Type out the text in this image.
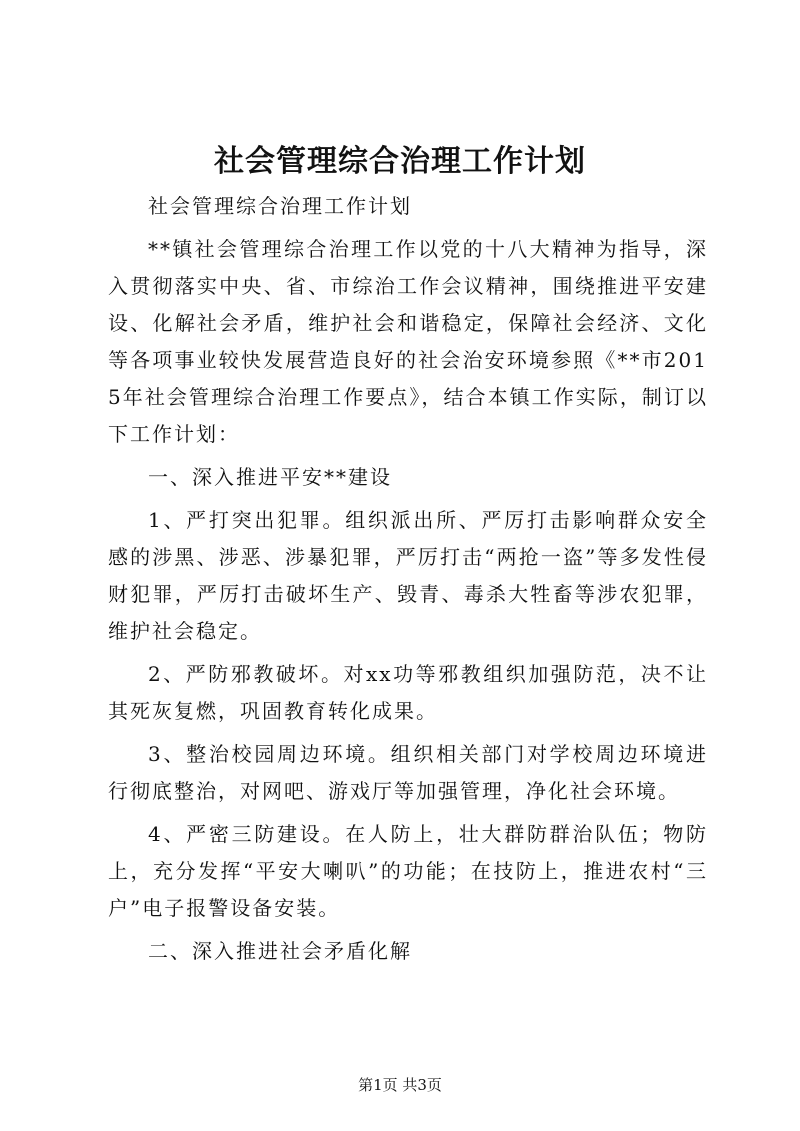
社会管理综合治理工作计划

社会管理综合治理工作计划

**镇社会管理综合治理工作以党的十八大精神为指导，深入贯彻落实中央、省、市综治工作会议精神，围绕推进平安建设、化解社会矛盾，维护社会和谐稳定，保障社会经济、文化等各项事业较快发展营造良好的社会治安环境参照《**市2015年社会管理综合治理工作要点》，结合本镇工作实际，制订以下工作计划：

一、深入推进平安**建设

1、严打突出犯罪。组织派出所、严厉打击影响群众安全感的涉黑、涉恶、涉暴犯罪，严厉打击“两抢一盗”等多发性侵财犯罪，严厉打击破坏生产、毁青、毒杀大牲畜等涉农犯罪，维护社会稳定。

2、严防邪教破坏。对xx功等邪教组织加强防范，决不让其死灰复燃，巩固教育转化成果。

3、整治校园周边环境。组织相关部门对学校周边环境进行彻底整治，对网吧、游戏厅等加强管理，净化社会环境。

4、严密三防建设。在人防上，壮大群防群治队伍；物防上，充分发挥“平安大喇叭”的功能；在技防上，推进农村“三户”电子报警设备安装。

二、深入推进社会矛盾化解

第1页 共3页
